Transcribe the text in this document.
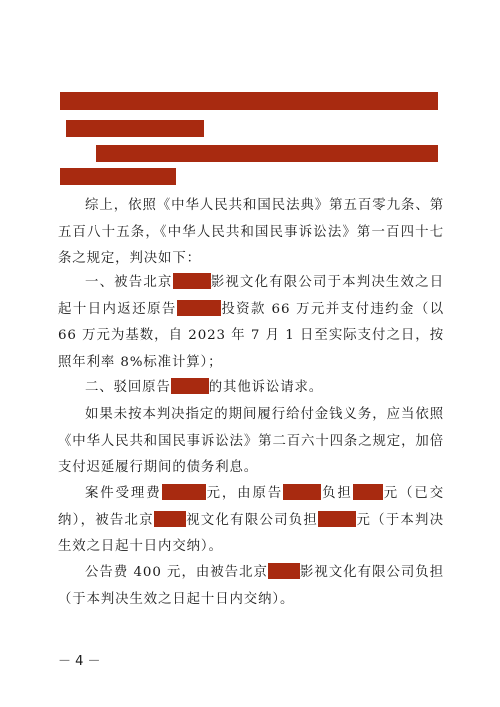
综上，依照《中华人民共和国民法典》第五百零九条、第五百八十五条，《中华人民共和国民事诉讼法》第一百四十七条之规定，判决如下：

一、被告北京	影视文化有限公司于本判决生效之日起十日内返还原告	投资款 66 万元并支付违约金（以 66 万元为基数，自 2023 年 7 月 1 日至实际支付之日，按照年利率 8%标准计算）；

二、驳回原告	的其他诉讼请求。

如果未按本判决指定的期间履行给付金钱义务，应当依照《中华人民共和国民事诉讼法》第二百六十四条之规定，加倍支付迟延履行期间的债务利息。

案件受理费	元，由原告	负担 元（已交纳），被告北京 视文化有限公司负担	元（于本判决生效之日起十日内交纳）。

公告费 400 元，由被告北京 影视文化有限公司负担（于本判决生效之日起十日内交纳）。

－ 4 －
